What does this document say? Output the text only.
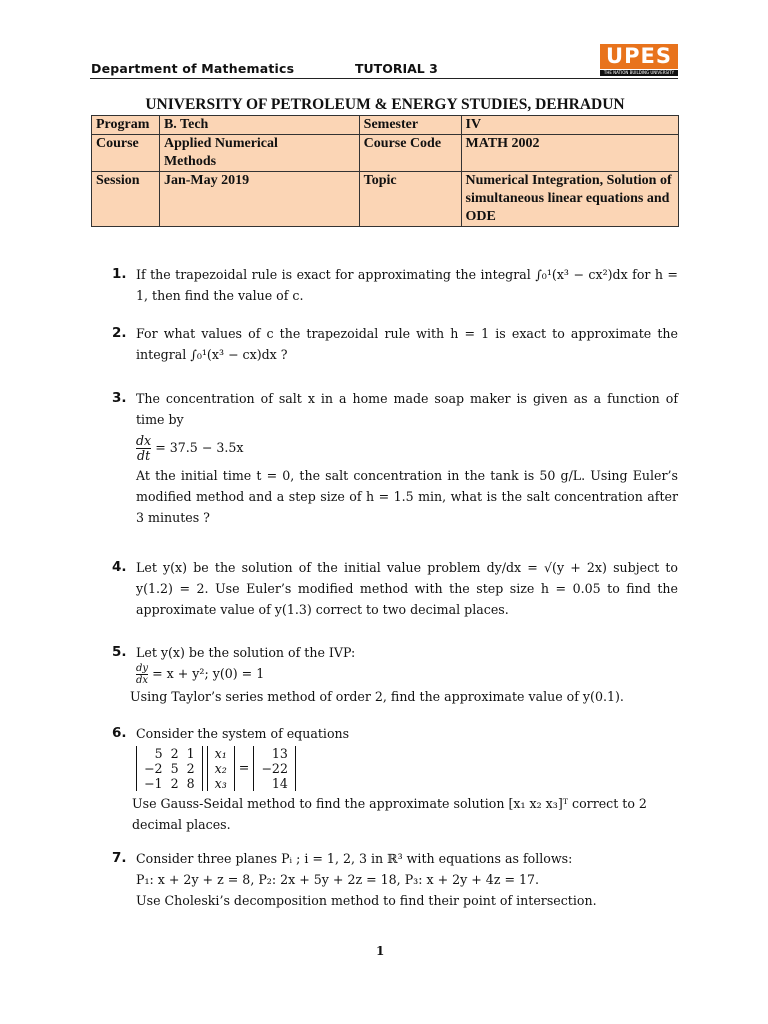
Department of Mathematics	TUTORIAL 3
UPES
THE NATION BUILDING UNIVERSITY
UNIVERSITY OF PETROLEUM & ENERGY STUDIES, DEHRADUN
Program	B. Tech	Semester	IV
Course	Applied Numerical Methods	Course Code	MATH 2002
Session	Jan-May 2019	Topic	Numerical Integration, Solution of simultaneous linear equations and ODE
1. If the trapezoidal rule is exact for approximating the integral ∫₀¹(x³ − cx²)dx for h = 1, then find the value of c.
2. For what values of c the trapezoidal rule with h = 1 is exact to approximate the integral ∫₀¹(x³ − cx)dx ?
3. The concentration of salt x in a home made soap maker is given as a function of time by
$\frac{dx}{dt} = 37.5 - 3.5x$
At the initial time t = 0, the salt concentration in the tank is 50 g/L. Using Euler’s modified method and a step size of h = 1.5 min, what is the salt concentration after 3 minutes ?
4. Let y(x) be the solution of the initial value problem dy/dx = √(y + 2x) subject to y(1.2) = 2. Use Euler’s modified method with the step size h = 0.05 to find the approximate value of y(1.3) correct to two decimal places.
5. Let y(x) be the solution of the IVP:
$\frac{dy}{dx} = x + y^2$; y(0) = 1
Using Taylor’s series method of order 2, find the approximate value of y(0.1).
6. Consider the system of equations
5	2	1
−2	5	2
−1	2	8

x₁
x₂
x₃
=
13
−22
14
Use Gauss-Seidal method to find the approximate solution [x₁ x₂ x₃]ᵀ correct to 2 decimal places.
7. Consider three planes Pᵢ ; i = 1, 2, 3 in ℝ³ with equations as follows:
P₁: x + 2y + z = 8, P₂: 2x + 5y + 2z = 18, P₃: x + 2y + 4z = 17.
Use Choleski’s decomposition method to find their point of intersection.
1
